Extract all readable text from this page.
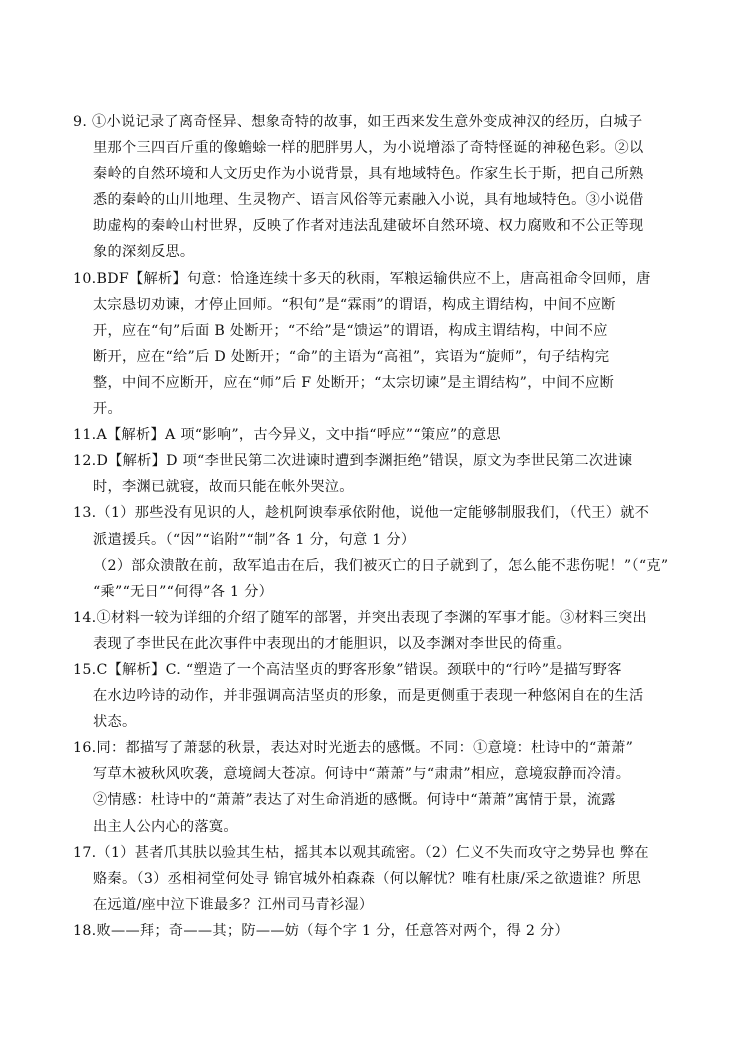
9. ①小说记录了离奇怪异、想象奇特的故事，如王西来发生意外变成神汉的经历，白城子
里那个三四百斤重的像蟾蜍一样的肥胖男人，为小说增添了奇特怪诞的神秘色彩。②以
秦岭的自然环境和人文历史作为小说背景，具有地域特色。作家生长于斯，把自己所熟
悉的秦岭的山川地理、生灵物产、语言风俗等元素融入小说，具有地域特色。③小说借
助虚构的秦岭山村世界，反映了作者对违法乱建破坏自然环境、权力腐败和不公正等现
象的深刻反思。
10.BDF【解析】句意：恰逢连续十多天的秋雨，军粮运输供应不上，唐高祖命令回师，唐
太宗恳切劝谏，才停止回师。“积旬”是“霖雨”的谓语，构成主谓结构，中间不应断
开，应在“旬”后面 B 处断开；“不给”是“馈运”的谓语，构成主谓结构，中间不应
断开，应在“给”后 D 处断开；“命”的主语为“高祖”，宾语为“旋师”，句子结构完
整，中间不应断开，应在“师”后 F 处断开；“太宗切谏”是主谓结构”，中间不应断
开。
11.A【解析】A 项“影响”，古今异义，文中指“呼应”“策应”的意思
12.D【解析】D 项“李世民第二次进谏时遭到李渊拒绝”错误，原文为李世民第二次进谏
时，李渊已就寝，故而只能在帐外哭泣。
13.（1）那些没有见识的人，趁机阿谀奉承依附他，说他一定能够制服我们，（代王）就不
派遣援兵。（“因”“谄附”“制”各 1 分，句意 1 分）
（2）部众溃散在前，敌军追击在后，我们被灭亡的日子就到了，怎么能不悲伤呢！”（“克”
“乘”“无日”“何得”各 1 分）
14.①材料一较为详细的介绍了随军的部署，并突出表现了李渊的军事才能。③材料三突出
表现了李世民在此次事件中表现出的才能胆识，以及李渊对李世民的倚重。
15.C【解析】C. “塑造了一个高洁坚贞的野客形象”错误。颈联中的“行吟”是描写野客
在水边吟诗的动作，并非强调高洁坚贞的形象，而是更侧重于表现一种悠闲自在的生活
状态。
16.同：都描写了萧瑟的秋景，表达对时光逝去的感慨。不同：①意境：杜诗中的“萧萧”
写草木被秋风吹袭，意境阔大苍凉。何诗中“萧萧”与“肃肃”相应，意境寂静而冷清。
②情感：杜诗中的“萧萧”表达了对生命消逝的感慨。何诗中“萧萧”寓情于景，流露
出主人公内心的落寞。
17.（1）甚者爪其肤以验其生枯，摇其本以观其疏密。（2）仁义不失而攻守之势异也 弊在
赂秦。（3）丞相祠堂何处寻 锦官城外柏森森（何以解忧？唯有杜康/采之欲遗谁？所思
在远道/座中泣下谁最多？江州司马青衫湿）
18.败——拜；奇——其；防——妨（每个字 1 分，任意答对两个，得 2 分）
